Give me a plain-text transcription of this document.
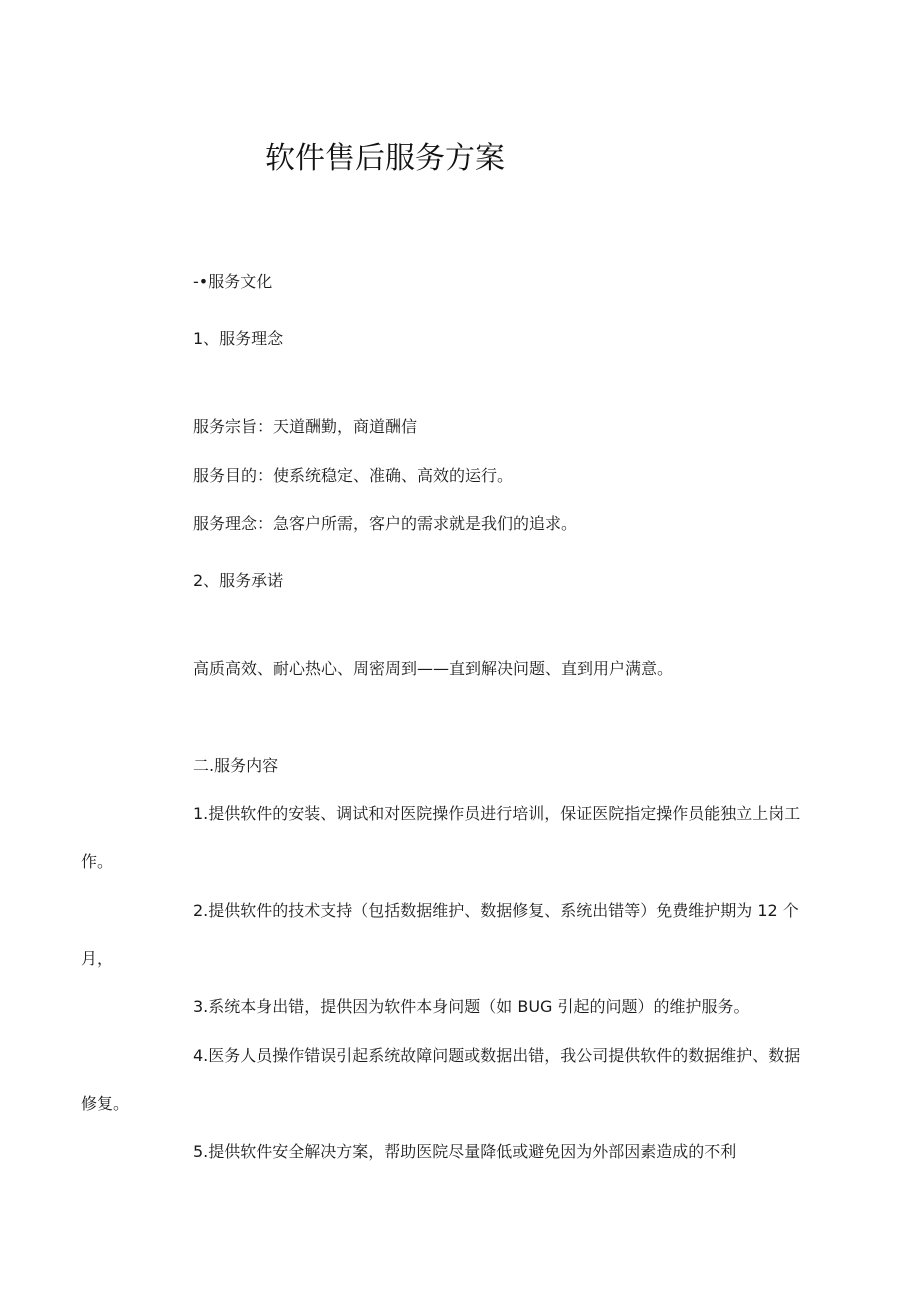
软件售后服务方案
-•服务文化
1、服务理念
服务宗旨：天道酬勤，商道酬信
服务目的：使系统稳定、准确、高效的运行。
服务理念：急客户所需，客户的需求就是我们的追求。
2、服务承诺
高质高效、耐心热心、周密周到——直到解决问题、直到用户满意。
二.服务内容
1.提供软件的安装、调试和对医院操作员进行培训，保证医院指定操作员能独立上岗工
作。
2.提供软件的技术支持（包括数据维护、数据修复、系统出错等）免费维护期为 12 个
月，
3.系统本身出错，提供因为软件本身问题（如 BUG 引起的问题）的维护服务。
4.医务人员操作错误引起系统故障问题或数据出错，我公司提供软件的数据维护、数据
修复。
5.提供软件安全解决方案，帮助医院尽量降低或避免因为外部因素造成的不利
